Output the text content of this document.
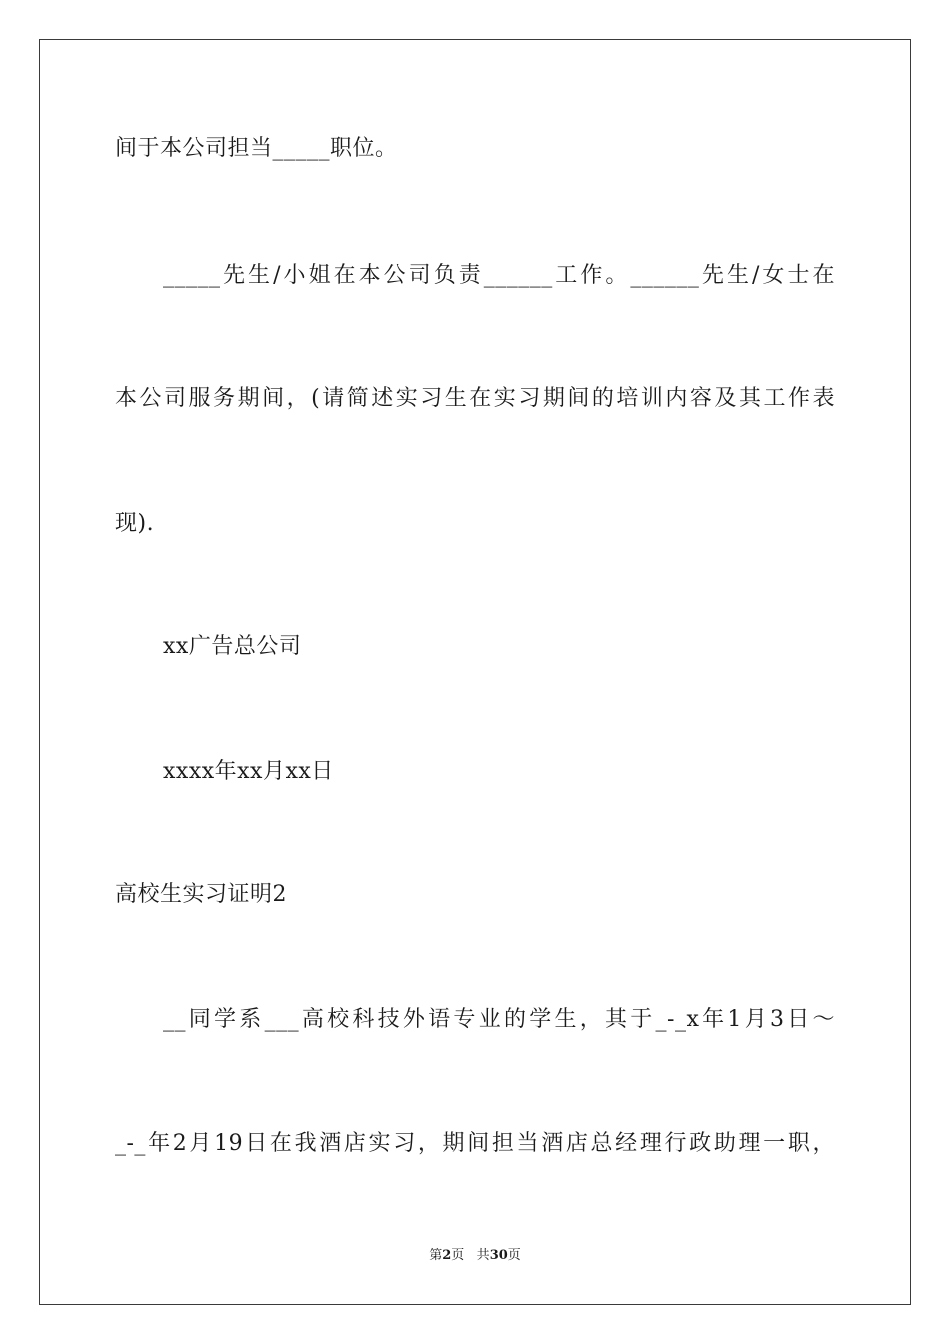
间于本公司担当_____职位。
_____先生/小姐在本公司负责______工作。______先生/女士在
本公司服务期间，(请简述实习生在实习期间的培训内容及其工作表
现).
xx广告总公司
xxxx年xx月xx日
高校生实习证明2
__同学系___高校科技外语专业的学生，其于_-_x年1月3日～
_-_年2月19日在我酒店实习，期间担当酒店总经理行政助理一职，
第2页 共30页
